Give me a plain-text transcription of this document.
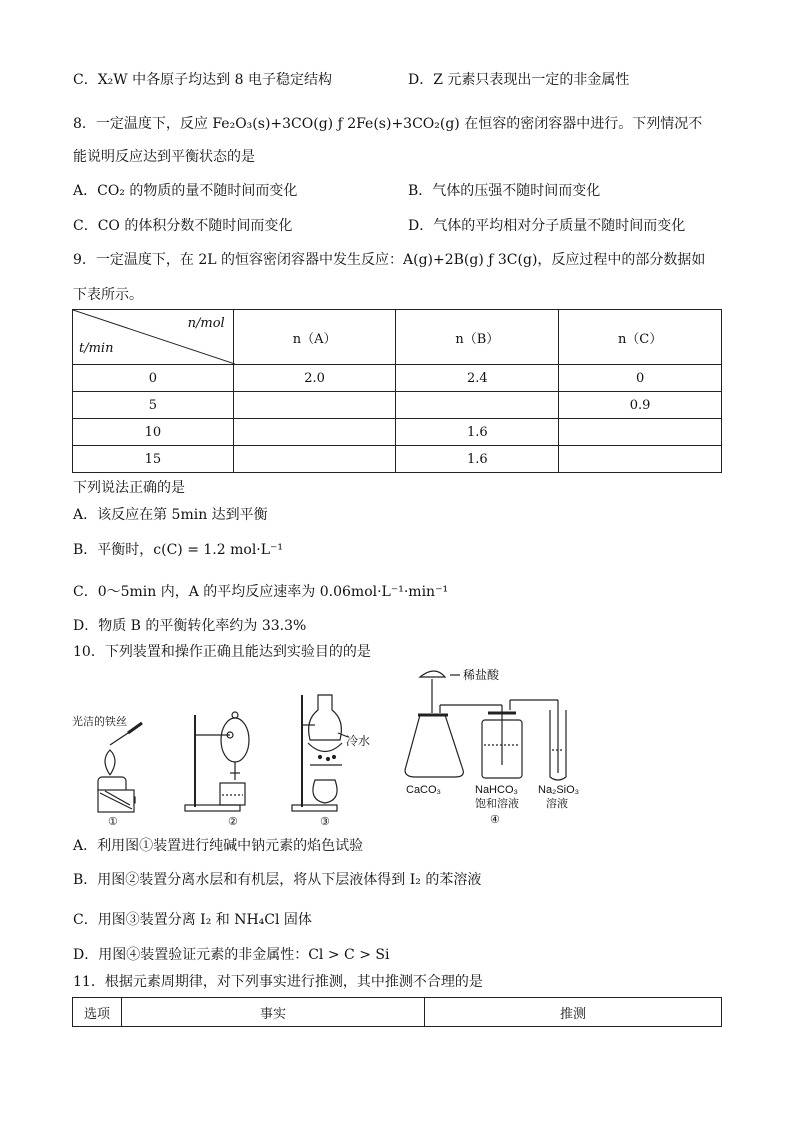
C．X₂W 中各原子均达到 8 电子稳定结构	D．Z 元素只表现出一定的非金属性
8．一定温度下，反应 Fe₂O₃(s)+3CO(g) ƒ 2Fe(s)+3CO₂(g) 在恒容的密闭容器中进行。下列情况不
能说明反应达到平衡状态的是
A．CO₂ 的物质的量不随时间而变化	B．气体的压强不随时间而变化
C．CO 的体积分数不随时间而变化	D．气体的平均相对分子质量不随时间而变化
9．一定温度下，在 2L 的恒容密闭容器中发生反应：A(g)+2B(g) ƒ 3C(g)，反应过程中的部分数据如
下表所示。
n/mol
t/min	n（A）	n（B）	n（C）
0	2.0	2.4	0
5			0.9
10		1.6	
15		1.6	
下列说法正确的是
A．该反应在第 5min 达到平衡
B．平衡时，c(C) = 1.2 mol·L⁻¹
C．0～5min 内，A 的平均反应速率为 0.06mol·L⁻¹·min⁻¹
D．物质 B 的平衡转化率约为 33.3%
10．下列装置和操作正确且能达到实验目的的是
光洁的铁丝
①	②
冷水
③
稀盐酸
CaCO₃	NaHCO₃
饱和溶液
Na₂SiO₃
溶液
④
A．利用图①装置进行纯碱中钠元素的焰色试验
B．用图②装置分离水层和有机层，将从下层液体得到 I₂ 的苯溶液
C．用图③装置分离 I₂ 和 NH₄Cl 固体
D．用图④装置验证元素的非金属性：Cl > C > Si
11．根据元素周期律，对下列事实进行推测，其中推测不合理的是
选项	事实	推测
